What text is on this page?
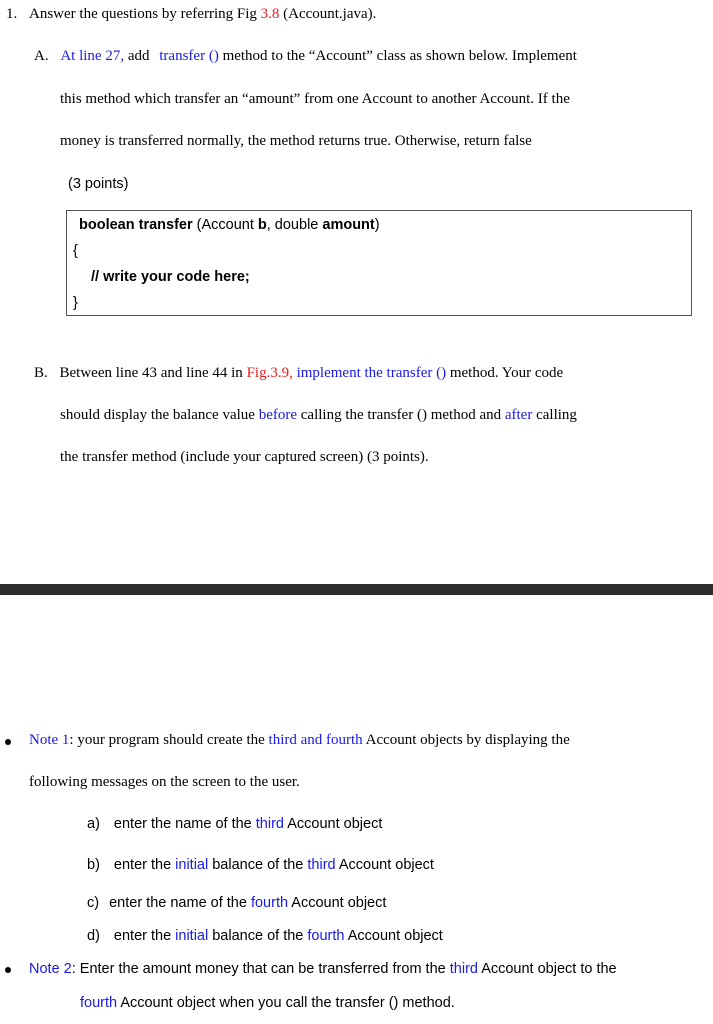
1. Answer the questions by referring Fig 3.8 (Account.java).
A. At line 27, add transfer () method to the “Account” class as shown below. Implement
this method which transfer an “amount” from one Account to another Account. If the
money is transferred normally, the method returns true. Otherwise, return false
(3 points)
boolean transfer (Account b, double amount)
{
// write your code here;
}
B. Between line 43 and line 44 in Fig.3.9, implement the transfer () method. Your code
should display the balance value before calling the transfer () method and after calling
the transfer method (include your captured screen) (3 points).
Note 1: your program should create the third and fourth Account objects by displaying the
following messages on the screen to the user.
a) enter the name of the third Account object
b) enter the initial balance of the third Account object
c) enter the name of the fourth Account object
d) enter the initial balance of the fourth Account object
Note 2: Enter the amount money that can be transferred from the third Account object to the
fourth Account object when you call the transfer () method.
